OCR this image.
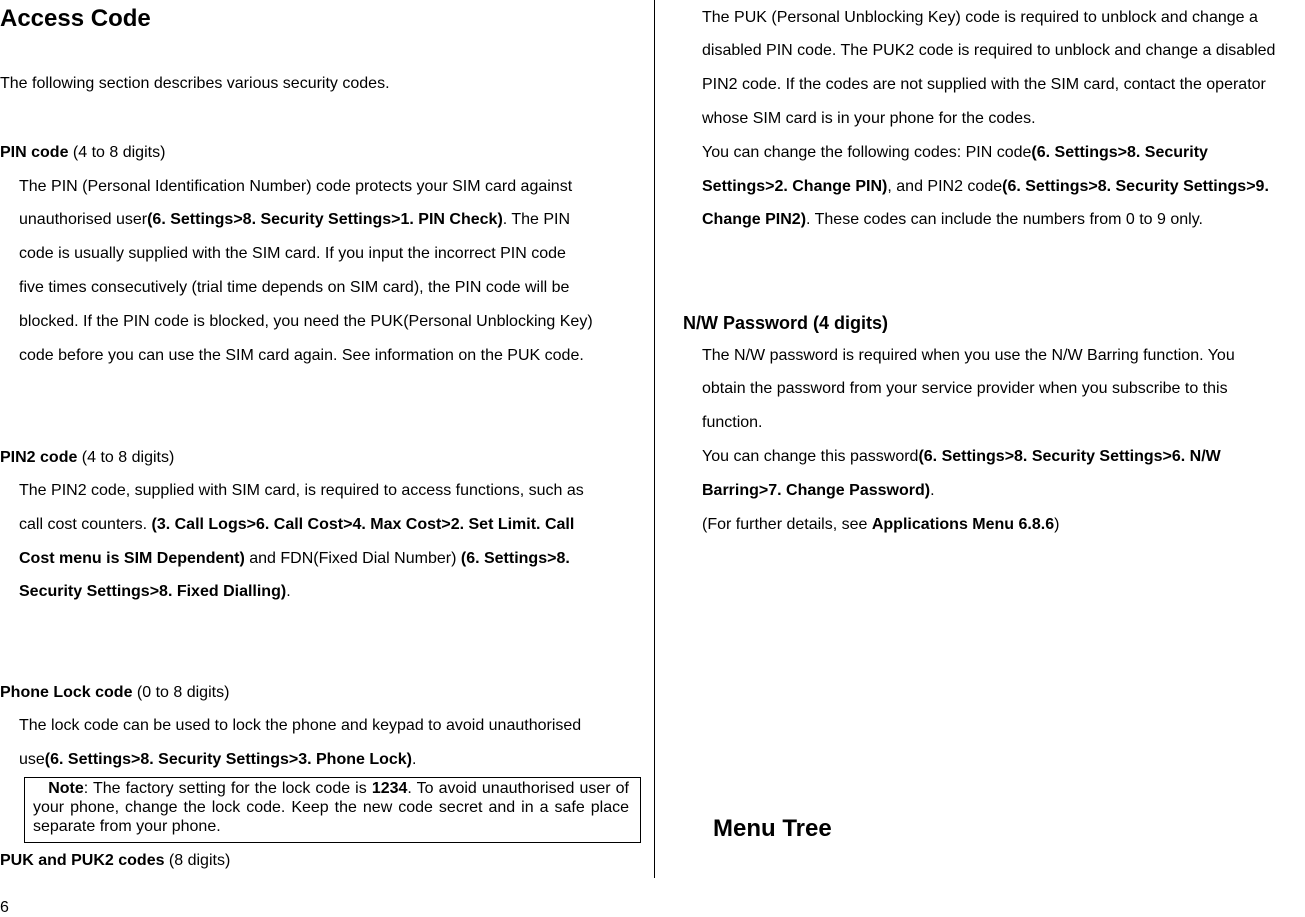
Access Code
The following section describes various security codes.
PIN code (4 to 8 digits)
The PIN (Personal Identification Number) code protects your SIM card against
unauthorised user(6. Settings>8. Security Settings>1. PIN Check). The PIN
code is usually supplied with the SIM card. If you input the incorrect PIN code
five times consecutively (trial time depends on SIM card), the PIN code will be
blocked. If the PIN code is blocked, you need the PUK(Personal Unblocking Key)
code before you can use the SIM card again. See information on the PUK code.
PIN2 code (4 to 8 digits)
The PIN2 code, supplied with SIM card, is required to access functions, such as
call cost counters. (3. Call Logs>6. Call Cost>4. Max Cost>2. Set Limit. Call
Cost menu is SIM Dependent) and FDN(Fixed Dial Number) (6. Settings>8.
Security Settings>8. Fixed Dialling).
Phone Lock code (0 to 8 digits)
The lock code can be used to lock the phone and keypad to avoid unauthorised
use(6. Settings>8. Security Settings>3. Phone Lock).
Note: The factory setting for the lock code is 1234. To avoid unauthorised user of your phone, change the lock code. Keep the new code secret and in a safe place separate from your phone.
PUK and PUK2 codes (8 digits)
6
The PUK (Personal Unblocking Key) code is required to unblock and change a
disabled PIN code. The PUK2 code is required to unblock and change a disabled
PIN2 code. If the codes are not supplied with the SIM card, contact the operator
whose SIM card is in your phone for the codes.
You can change the following codes: PIN code(6. Settings>8. Security
Settings>2. Change PIN), and PIN2 code(6. Settings>8. Security Settings>9.
Change PIN2). These codes can include the numbers from 0 to 9 only.
N/W Password (4 digits)
The N/W password is required when you use the N/W Barring function. You
obtain the password from your service provider when you subscribe to this
function.
You can change this password(6. Settings>8. Security Settings>6. N/W
Barring>7. Change Password).
(For further details, see Applications Menu 6.8.6)
Menu Tree
